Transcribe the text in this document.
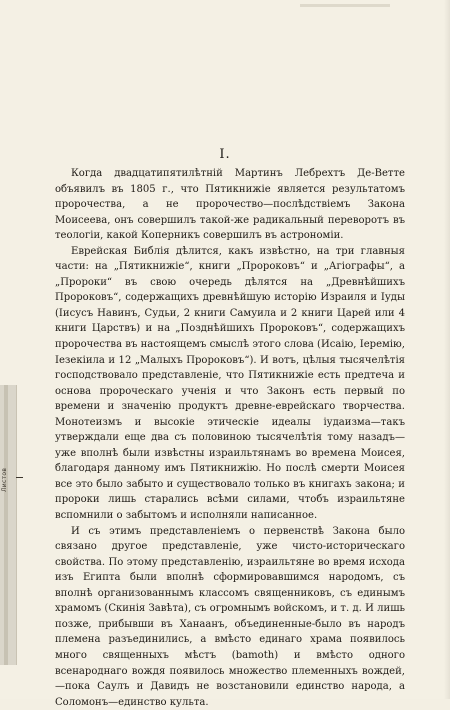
Листов
I.

Когда двадцатипятилѣтній Мартинъ Лебрехтъ Де-Ветте объявилъ въ 1805 г., что Пятикнижіе является результатомъ пророчества, а не пророчество—послѣдствіемъ Закона Моисеева, онъ совершилъ такой-же радикальный переворотъ въ теологіи, какой Коперникъ совершилъ въ астрономіи.

Еврейская Библія дѣлится, какъ извѣстно, на три главныя части: на „Пятикнижіе“, книги „Пророковъ“ и „Агіографы“, а „Пророки“ въ свою очередь дѣлятся на „Древнѣйшихъ Пророковъ“, содержащихъ древнѣйшую исторію Израиля и Іуды (Іисусъ Навинъ, Судьи, 2 книги Самуила и 2 книги Царей или 4 книги Царствъ) и на „Позднѣйшихъ Пророковъ“, содержащихъ пророчества въ настоящемъ смыслѣ этого слова (Исаію, Іеремію, Іезекіила и 12 „Малыхъ Пророковъ“). И вотъ, цѣлыя тысячелѣтія господствовало представленіе, что Пятикнижіе есть предтеча и основа пророческаго ученія и что Законъ есть первый по времени и значенію продуктъ древне-еврейскаго творчества. Монотеизмъ и высокіе этическіе идеалы іудаизма—такъ утверждали еще два съ половиною тысячелѣтія тому назадъ—уже вполнѣ были извѣстны израильтянамъ во времена Моисея, благодаря данному имъ Пятикнижію. Но послѣ смерти Моисея все это было забыто и существовало только въ книгахъ закона; и пророки лишь старались всѣми силами, чтобъ израильтяне вспомнили о забытомъ и исполняли написанное.

И съ этимъ представленіемъ о первенствѣ Закона было связано другое представленіе, уже чисто-историческаго свойства. По этому представленію, израильтяне во время исхода изъ Египта были вполнѣ сформировавшимся народомъ, съ вполнѣ организованнымъ классомъ священниковъ, съ единымъ храмомъ (Скинія Завѣта), съ огромнымъ войскомъ, и т. д. И лишь позже, прибывши въ Ханаанъ, объединенные-было въ народъ племена разъединились, а вмѣсто единаго храма появилось много священныхъ мѣстъ (bamoth) и вмѣсто одного всенароднаго вождя появилось множество племенныхъ вождей,—пока Саулъ и Давидъ не возстановили единство народа, а Соломонъ—единство культа.
